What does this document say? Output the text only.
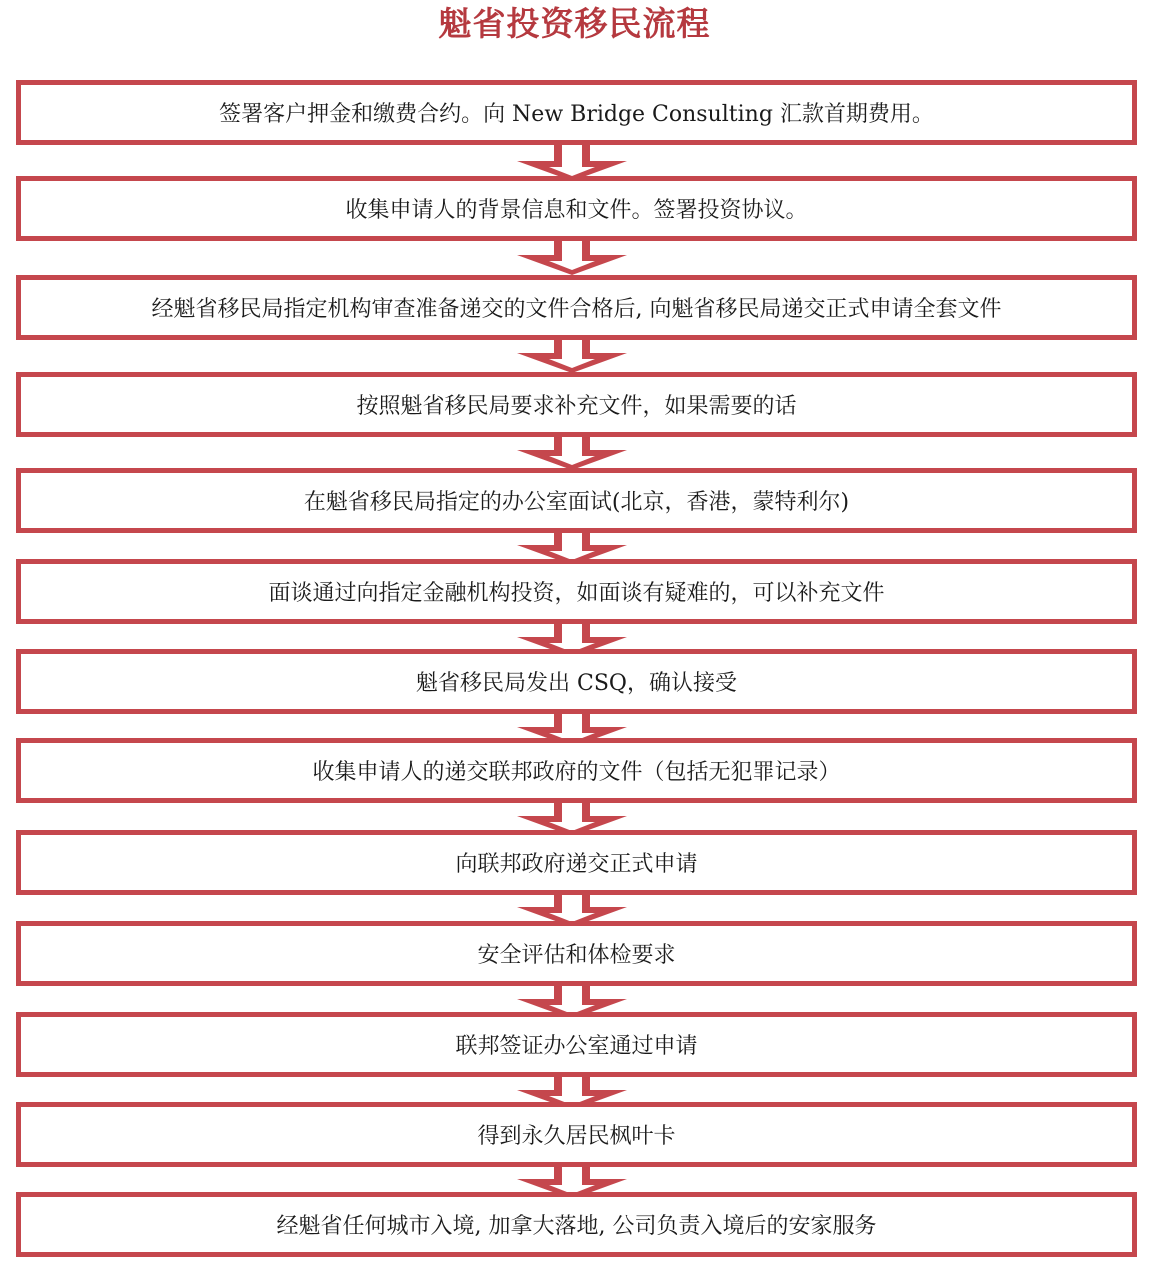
魁省投资移民流程
签署客户押金和缴费合约。向 New Bridge Consulting 汇款首期费用。
收集申请人的背景信息和文件。签署投资协议。
经魁省移民局指定机构审查准备递交的文件合格后, 向魁省移民局递交正式申请全套文件
按照魁省移民局要求补充文件，如果需要的话
在魁省移民局指定的办公室面试(北京，香港，蒙特利尔)
面谈通过向指定金融机构投资，如面谈有疑难的，可以补充文件
魁省移民局发出 CSQ，确认接受
收集申请人的递交联邦政府的文件（包括无犯罪记录）
向联邦政府递交正式申请
安全评估和体检要求
联邦签证办公室通过申请
得到永久居民枫叶卡
经魁省任何城市入境, 加拿大落地, 公司负责入境后的安家服务
